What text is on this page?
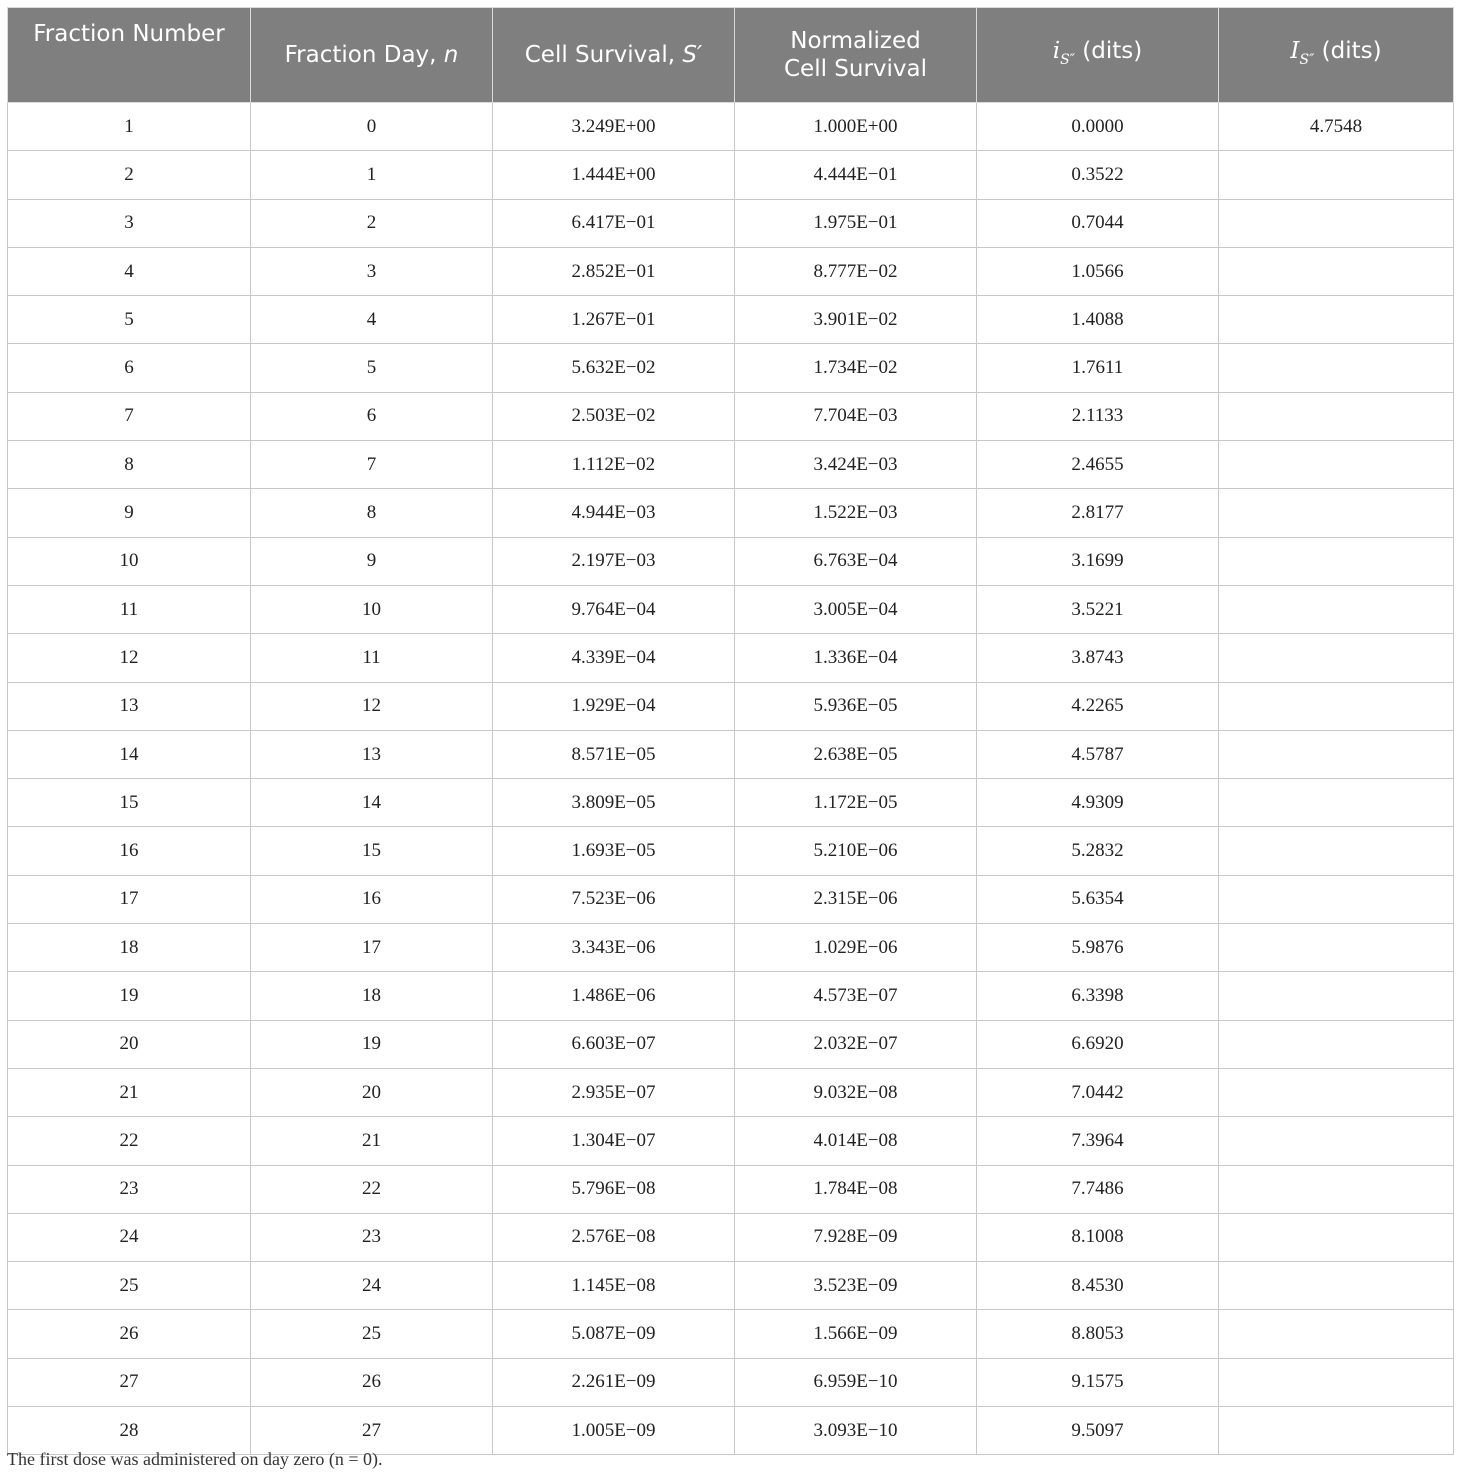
Fraction Number	Fraction Day, n	Cell Survival, S′	Normalized
Cell Survival	$i_{S''}$ (dits)	$I_{S''}$ (dits)
1	0	3.249E+00	1.000E+00	0.0000	4.7548
2	1	1.444E+00	4.444E−01	0.3522	
3	2	6.417E−01	1.975E−01	0.7044	
4	3	2.852E−01	8.777E−02	1.0566	
5	4	1.267E−01	3.901E−02	1.4088	
6	5	5.632E−02	1.734E−02	1.7611	
7	6	2.503E−02	7.704E−03	2.1133	
8	7	1.112E−02	3.424E−03	2.4655	
9	8	4.944E−03	1.522E−03	2.8177	
10	9	2.197E−03	6.763E−04	3.1699	
11	10	9.764E−04	3.005E−04	3.5221	
12	11	4.339E−04	1.336E−04	3.8743	
13	12	1.929E−04	5.936E−05	4.2265	
14	13	8.571E−05	2.638E−05	4.5787	
15	14	3.809E−05	1.172E−05	4.9309	
16	15	1.693E−05	5.210E−06	5.2832	
17	16	7.523E−06	2.315E−06	5.6354	
18	17	3.343E−06	1.029E−06	5.9876	
19	18	1.486E−06	4.573E−07	6.3398	
20	19	6.603E−07	2.032E−07	6.6920	
21	20	2.935E−07	9.032E−08	7.0442	
22	21	1.304E−07	4.014E−08	7.3964	
23	22	5.796E−08	1.784E−08	7.7486	
24	23	2.576E−08	7.928E−09	8.1008	
25	24	1.145E−08	3.523E−09	8.4530	
26	25	5.087E−09	1.566E−09	8.8053	
27	26	2.261E−09	6.959E−10	9.1575	
28	27	1.005E−09	3.093E−10	9.5097	
The first dose was administered on day zero (n = 0).
